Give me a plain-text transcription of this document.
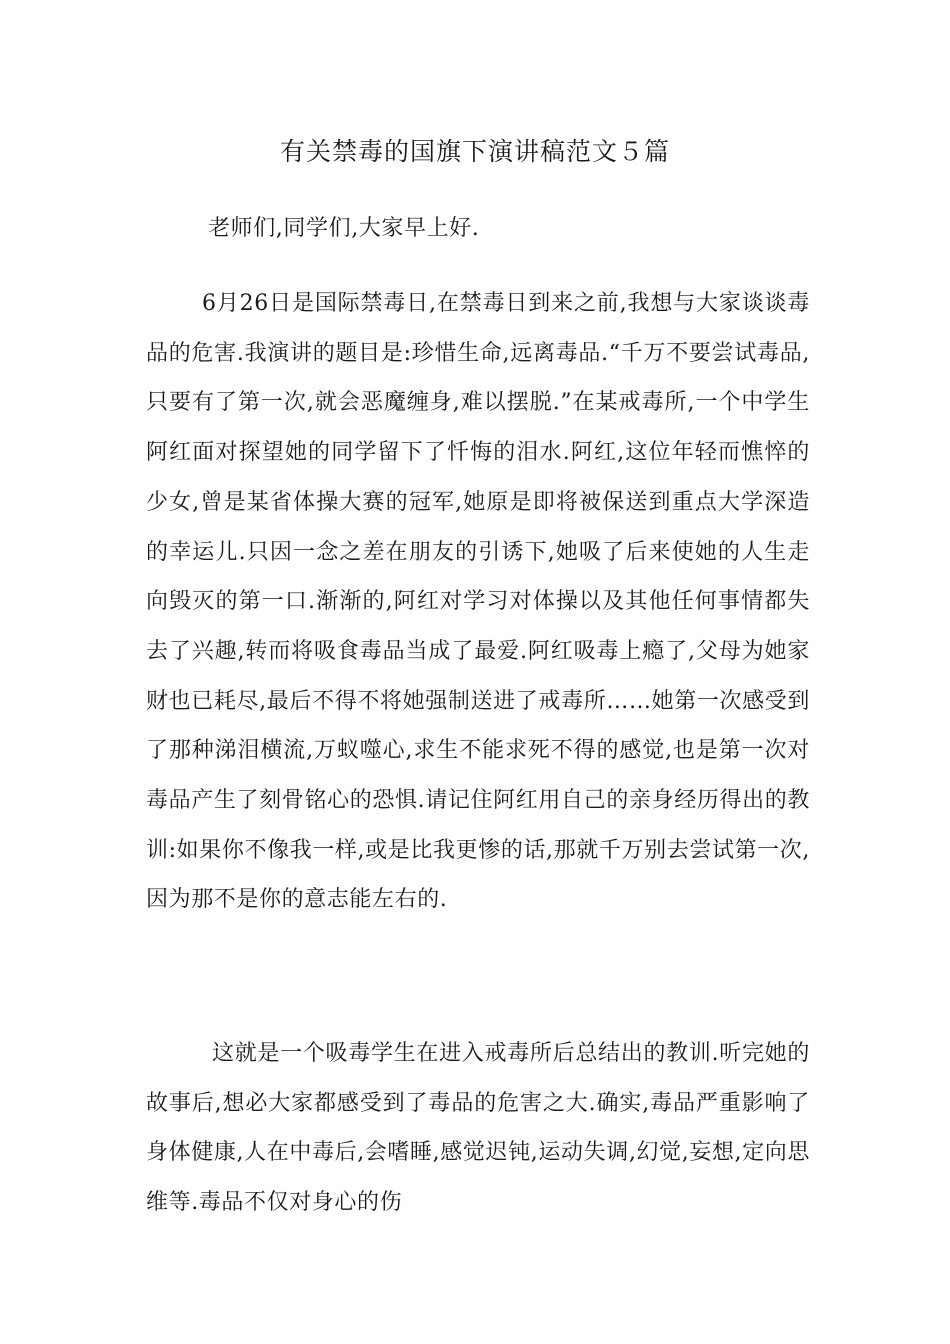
有关禁毒的国旗下演讲稿范文５篇
老师们,同学们,大家早上好.
6月26日是国际禁毒日,在禁毒日到来之前,我想与大家谈谈毒品的危害.我演讲的题目是:珍惜生命,远离毒品.“千万不要尝试毒品,只要有了第一次,就会恶魔缠身,难以摆脱.”在某戒毒所,一个中学生阿红面对探望她的同学留下了忏悔的泪水.阿红,这位年轻而憔悴的少女,曾是某省体操大赛的冠军,她原是即将被保送到重点大学深造的幸运儿.只因一念之差在朋友的引诱下,她吸了后来使她的人生走向毁灭的第一口.渐渐的,阿红对学习对体操以及其他任何事情都失去了兴趣,转而将吸食毒品当成了最爱.阿红吸毒上瘾了,父母为她家财也已耗尽,最后不得不将她强制送进了戒毒所……她第一次感受到了那种涕泪横流,万蚁噬心,求生不能求死不得的感觉,也是第一次对毒品产生了刻骨铭心的恐惧.请记住阿红用自己的亲身经历得出的教训:如果你不像我一样,或是比我更惨的话,那就千万别去尝试第一次,因为那不是你的意志能左右的.
这就是一个吸毒学生在进入戒毒所后总结出的教训.听完她的故事后,想必大家都感受到了毒品的危害之大.确实,毒品严重影响了身体健康,人在中毒后,会嗜睡,感觉迟钝,运动失调,幻觉,妄想,定向思维等.毒品不仅对身心的伤
